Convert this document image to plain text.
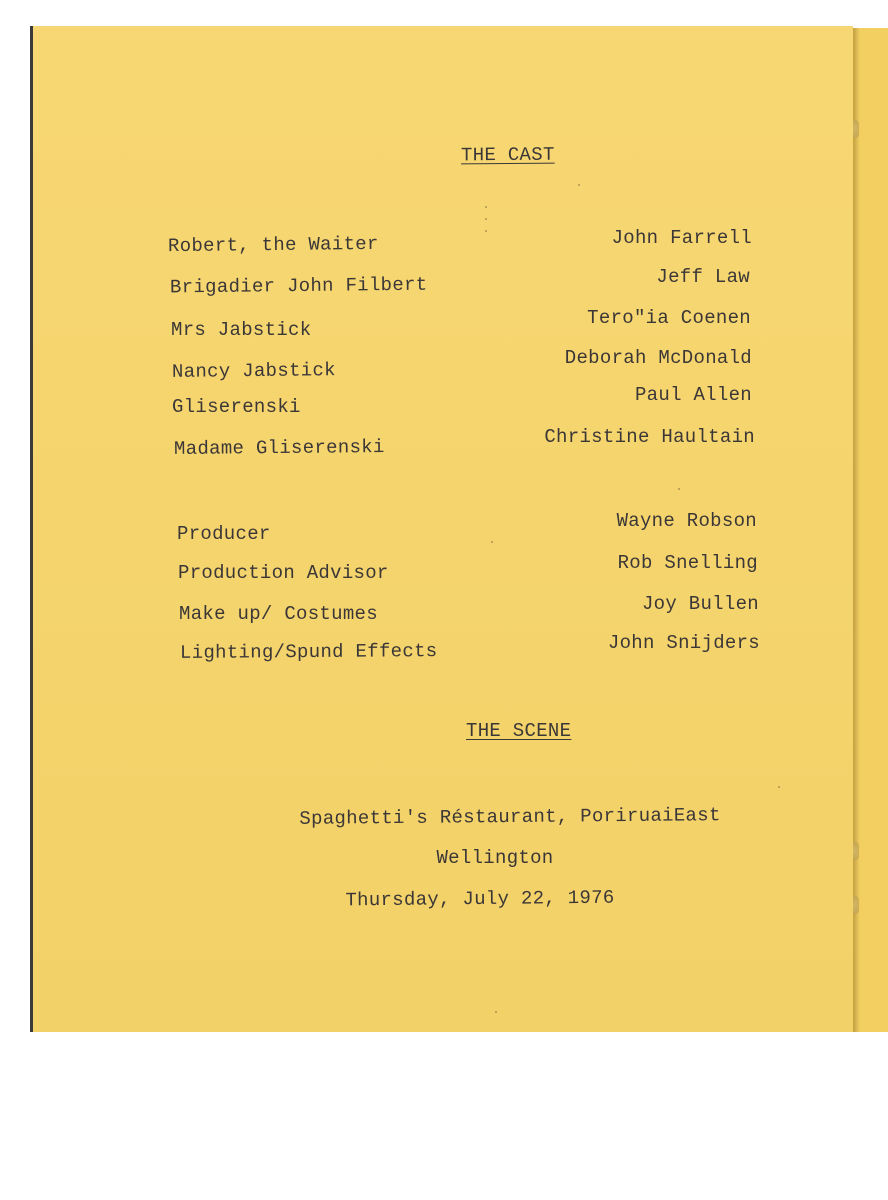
THE CAST
Robert, the Waiter
Brigadier John Filbert
Mrs Jabstick
Nancy Jabstick
Gliserenski
Madame Gliserenski
John Farrell
Jeff Law
Tero″ia Coenen
Deborah McDonald
Paul Allen
Christine Haultain
Producer
Production Advisor
Make up/ Costumes
Lighting/Spund Effects
Wayne Robson
Rob Snelling
Joy Bullen
John Snijders
THE SCENE
Spaghetti's Réstaurant, PoriruaiEast
Wellington
Thursday, July 22, 1976
